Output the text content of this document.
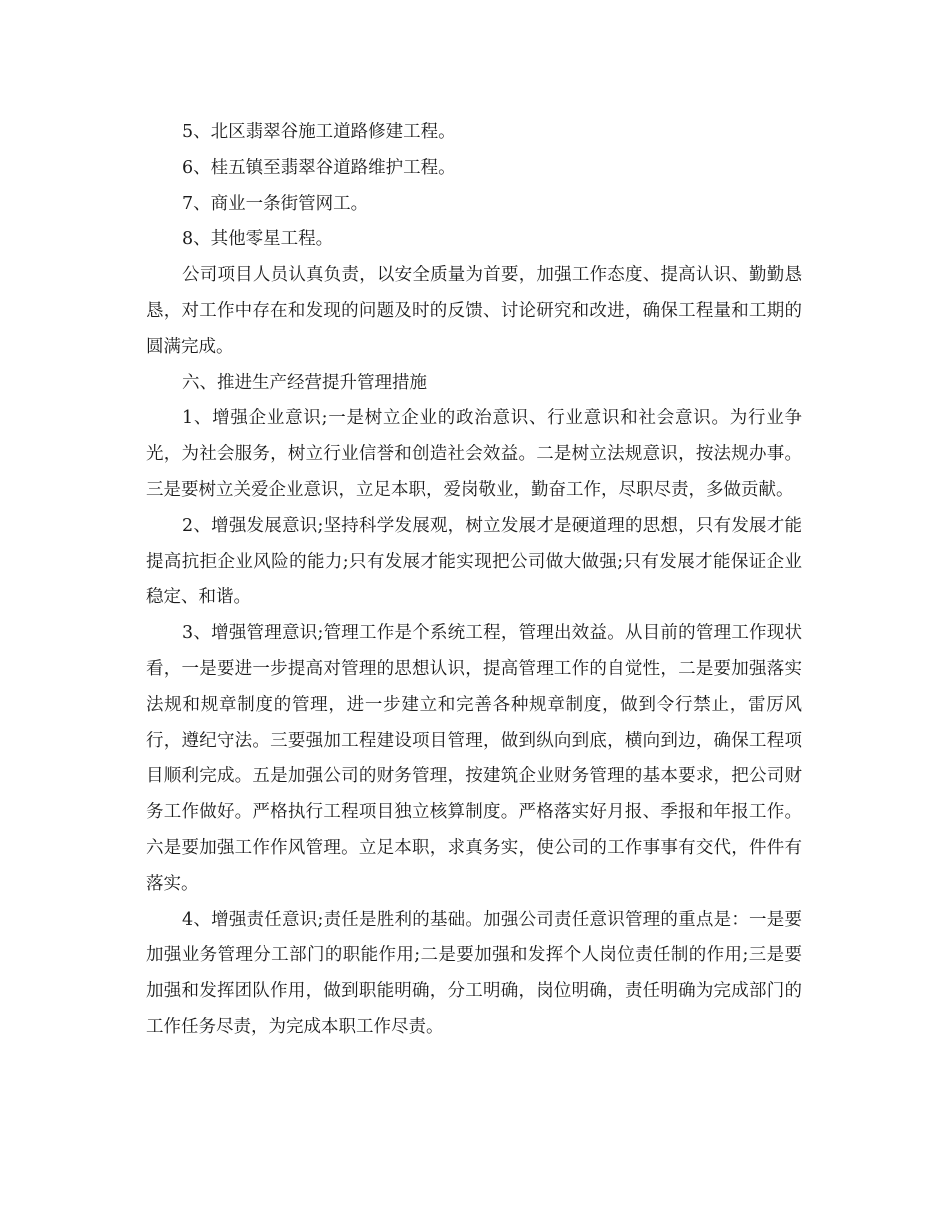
5、北区翡翠谷施工道路修建工程。

6、桂五镇至翡翠谷道路维护工程。

7、商业一条街管网工。

8、其他零星工程。

公司项目人员认真负责，以安全质量为首要，加强工作态度、提高认识、勤勤恳恳，对工作中存在和发现的问题及时的反馈、讨论研究和改进，确保工程量和工期的圆满完成。

六、推进生产经营提升管理措施

1、增强企业意识;一是树立企业的政治意识、行业意识和社会意识。为行业争光，为社会服务，树立行业信誉和创造社会效益。二是树立法规意识，按法规办事。三是要树立关爱企业意识，立足本职，爱岗敬业，勤奋工作，尽职尽责，多做贡献。

2、增强发展意识;坚持科学发展观，树立发展才是硬道理的思想，只有发展才能提高抗拒企业风险的能力;只有发展才能实现把公司做大做强;只有发展才能保证企业稳定、和谐。

3、增强管理意识;管理工作是个系统工程，管理出效益。从目前的管理工作现状看，一是要进一步提高对管理的思想认识，提高管理工作的自觉性，二是要加强落实法规和规章制度的管理，进一步建立和完善各种规章制度，做到令行禁止，雷厉风行，遵纪守法。三要强加工程建设项目管理，做到纵向到底，横向到边，确保工程项目顺利完成。五是加强公司的财务管理，按建筑企业财务管理的基本要求，把公司财务工作做好。严格执行工程项目独立核算制度。严格落实好月报、季报和年报工作。六是要加强工作作风管理。立足本职，求真务实，使公司的工作事事有交代，件件有落实。

4、增强责任意识;责任是胜利的基础。加强公司责任意识管理的重点是：一是要加强业务管理分工部门的职能作用;二是要加强和发挥个人岗位责任制的作用;三是要加强和发挥团队作用，做到职能明确，分工明确，岗位明确，责任明确为完成部门的工作任务尽责，为完成本职工作尽责。
